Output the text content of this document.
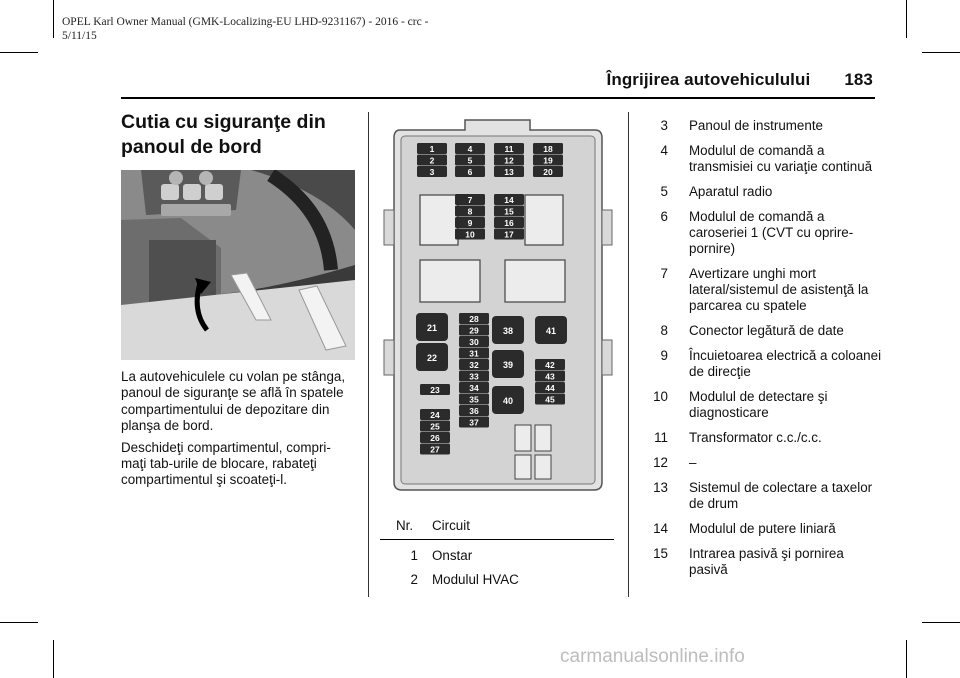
OPEL Karl Owner Manual (GMK-Localizing-EU LHD-9231167) - 2016 - crc -
5/11/15
Îngrijirea autovehiculului 183
Cutia cu siguranţe din
panoul de bord

La autovehiculele cu volan pe stânga, panoul de siguranţe se află în spatele compartimentului de depozitare din planşa de bord.

Deschideţi compartimentul, compri-maţi tab-urile de blocare, rabateţi compartimentul şi scoateţi-l.

1
2
3
4
5
6
11
12
13
18
19
20
7
8
9
10
14
15
16
17
28
29
30
31
32
33
34
35
36
37
24
25
26
27
42
43
44
45
21
22
23
38
39
40
41
Nr.	Circuit
1	Onstar
2	Modulul HVAC
3 Panoul de instrumente
4 Modulul de comandă a transmisiei cu variaţie continuă
5 Aparatul radio
6 Modulul de comandă a caroseriei 1 (CVT cu oprire-pornire)
7 Avertizare unghi mort lateral/sistemul de asistenţă la parcarea cu spatele
8 Conector legătură de date
9 Încuietoarea electrică a coloanei de direcţie
10 Modulul de detectare şi diagnosticare
11 Transformator c.c./c.c.
12 –
13 Sistemul de colectare a taxelor de drum
14 Modulul de putere liniară
15 Intrarea pasivă şi pornirea pasivă
carmanualsonline.info
